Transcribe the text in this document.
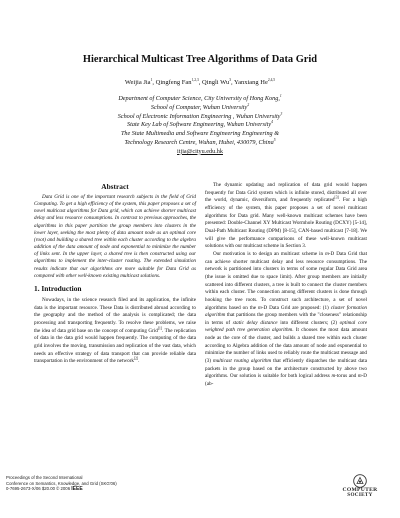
Hierarchical Multicast Tree Algorithms of Data Grid
Weijia Jia$^1$, Qingfeng Fan$^{1,2,3}$, Qingli Wu$^3$, Yanxiang He$^{2,4,5}$
Department of Computer Science, City University of Hong Kong,$^1$
School of Computer, Wuhan University$^2$
School of Electronic Information Engineering , Wuhan University$^3$
State Key Lab of Software Engineering, Wuhan University$^4$
The State Multimedia and Software Engineering Engineering &
Technology Research Centre, Wuhan, Hubei, 430079, China$^5$
itjia@cityu.edu.hk
Abstract

Data Grid is one of the important research subjects in the field of Grid Computing. To get a high efficiency of the system, this paper proposes a set of novel multicast algorithms for Data grid, which can achieve shorter multicast delay and less resource consumptions. In contrast to previous approaches, the algorithms in this paper partition the group members into clusters in the lower layer, seeking the most plenty of data amount node as an optimal core (root) and building a shared tree within each cluster according to the algebra addition of the data amount of node and exponential to minimize the number of links sent. In the upper layer, a shared tree is then constructed using our algorithms to implement the inter-cluster routing. The extended simulation results indicate that our algorithms are more suitable for Data Grid as compared with other well-known existing multicast solutions.

1. Introduction

Nowadays, in the science research filed and its application, the infinite data is the important resource. These Data is distributed abroad according to the geography and the method of the analysis is complicated; the data processing and transporting frequently. To resolve these problems, we raise the idea of data grid base on the concept of computing Grid[1]. The replication of data in the data grid would happen frequently. The computing of the data grid involves the moving, transmission and replication of the vast data, which needs an effective strategy of data transport that can provide reliable data transportation in the environment of the network[2].

The dynamic updating and replication of data grid would happen frequently for Data Grid system which is infinite stored, distributed all over the world, dynamic, diversiform, and frequently replicated[3]. For a high efficiency of the system, this paper proposes a set of novel multicast algorithms for Data grid. Many well-known multicast schemes have been presented: Double-Channel XY Multicast Wormhole Routing (DCXY) [5-14], Dual-Path Multicast Routing (DPM) [8-15], CAN-based multicast [7-18]. We will give the performance comparisons of these well-known multicast solutions with our multicast scheme in Section 3.

Our motivation is to design an multicast scheme in m-D Data Grid that can achieve shorter multicast delay and less resource consumptions. The network is partitioned into clusters in terms of some regular Data Grid area (the issue is omitted due to space limit). After group members are initially scattered into different clusters, a tree is built to connect the cluster members within each cluster. The connection among different clusters is done through hooking the tree roots. To construct such architecture, a set of novel algorithms based on the m-D Data Grid are proposed: (1) cluster formation algorithm that partitions the group members with the "closeness" relationship in terms of static delay distance into different clusters; (2) optimal core weighted path tree generation algorithm. It chooses the most data amount node as the core of the cluster, and builds a shared tree within each cluster according to Algebra addition of the data amount of node and exponential to minimize the number of links used to reliably route the multicast message and (3) multicast routing algorithm that efficiently dispatches the multicast data packets in the group based on the architecture constructed by above two algorithms. Our solution is suitable for both logical address m-torus and m-D (ab-

Proceedings of the Second International
Conference on Semantics, Knowledge, and Grid (SKG'06)
0-7695-2673-X/06 $20.00 © 2006 IEEE	COMPUTER
SOCIETY
